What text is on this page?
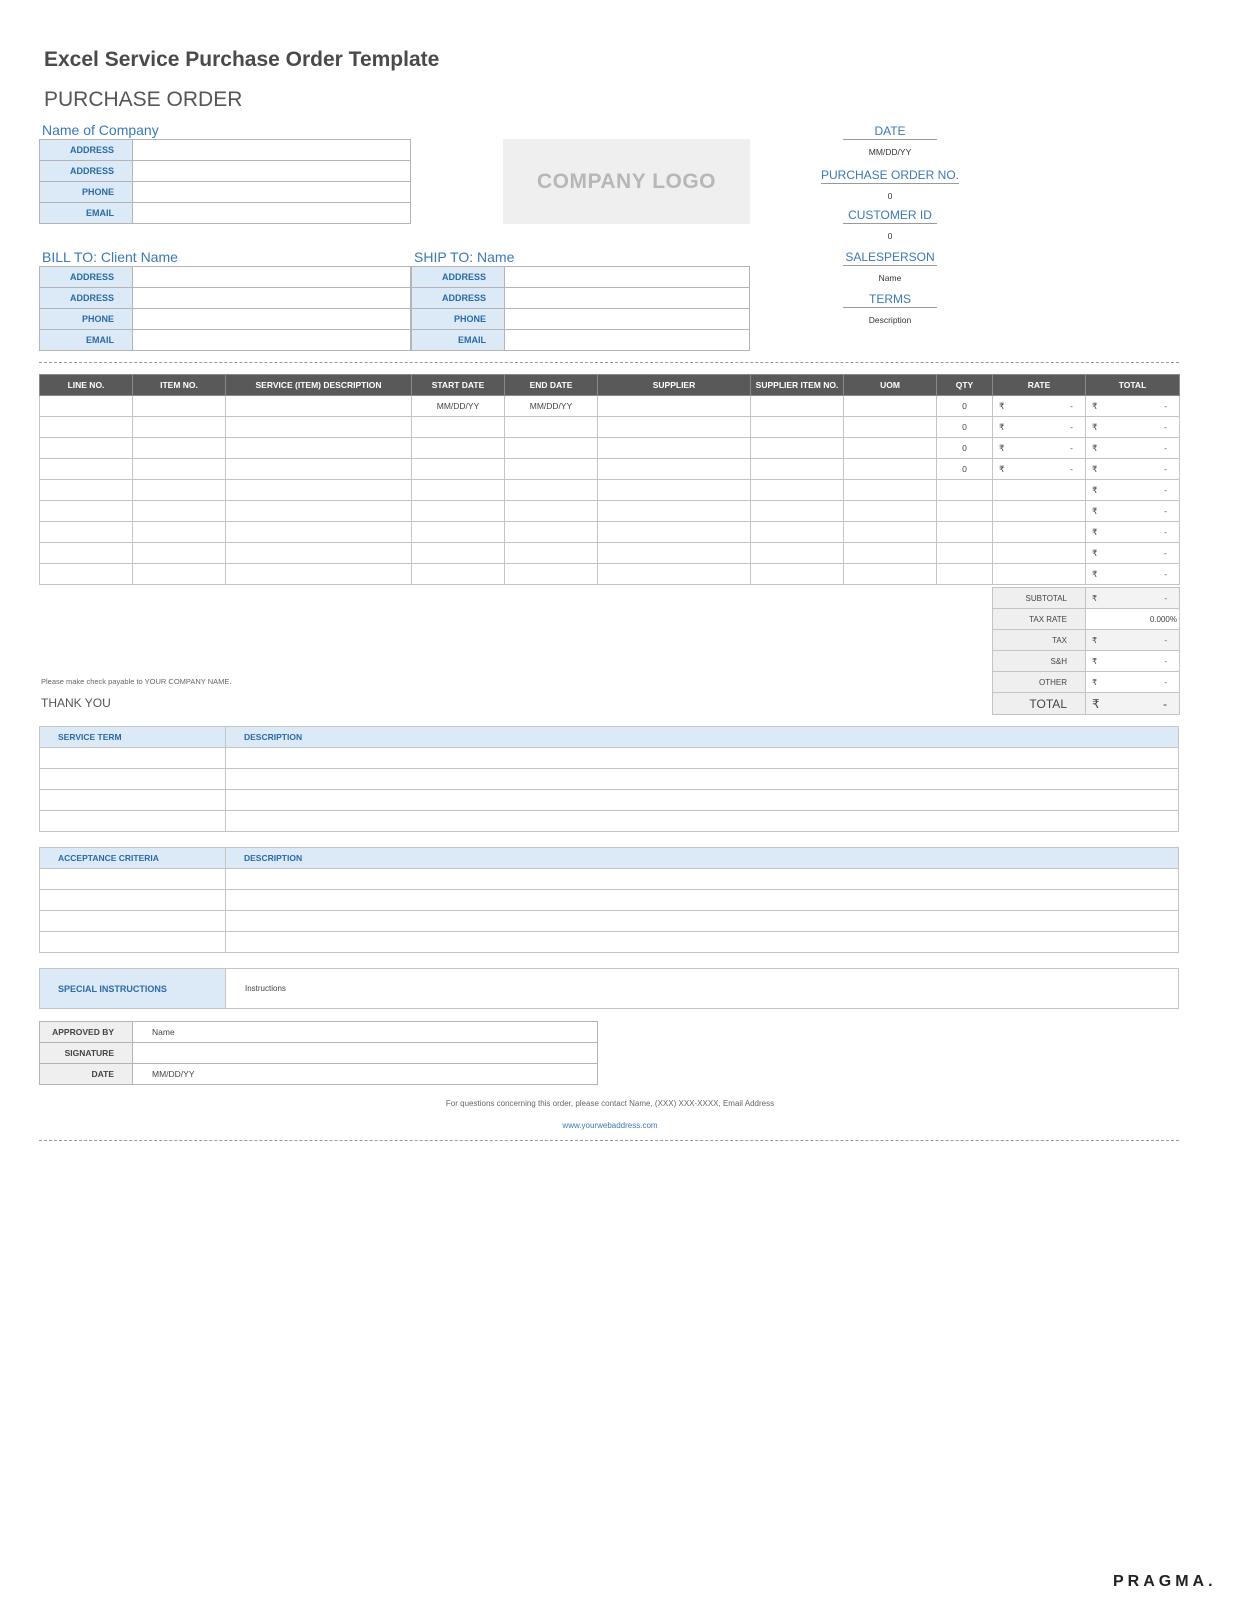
Excel Service Purchase Order Template
PURCHASE ORDER
Name of Company
ADDRESS	
ADDRESS	
PHONE	
EMAIL	
COMPANY LOGO
DATE
MM/DD/YY
PURCHASE ORDER NO.
0
CUSTOMER ID
0
SALESPERSON
Name
TERMS
Description
BILL TO: Client Name	SHIP TO: Name
ADDRESS	
ADDRESS	
PHONE	
EMAIL	
ADDRESS	
ADDRESS	
PHONE	
EMAIL	
LINE NO.	ITEM NO.	SERVICE (ITEM) DESCRIPTION	START DATE	END DATE	SUPPLIER	SUPPLIER ITEM NO.	UOM	QTY	RATE	TOTAL
			MM/DD/YY	MM/DD/YY				0	₹ -	₹ -

								0	₹ -	₹ -

								0	₹ -	₹ -

								0	₹ -	₹ -

										₹ -

										₹ -

										₹ -

										₹ -

										₹ -
SUBTOTAL	₹ -

TAX RATE	0.000%
TAX	₹ -

S&H	₹ -

OTHER	₹ -

TOTAL	₹ -
Please make check payable to YOUR COMPANY NAME.
THANK YOU
SERVICE TERM	DESCRIPTION

ACCEPTANCE CRITERIA	DESCRIPTION

SPECIAL INSTRUCTIONS	Instructions
APPROVED BY	Name
SIGNATURE	
DATE	MM/DD/YY
For questions concerning this order, please contact Name, (XXX) XXX-XXXX, Email Address
www.yourwebaddress.com
PRAGMA.
